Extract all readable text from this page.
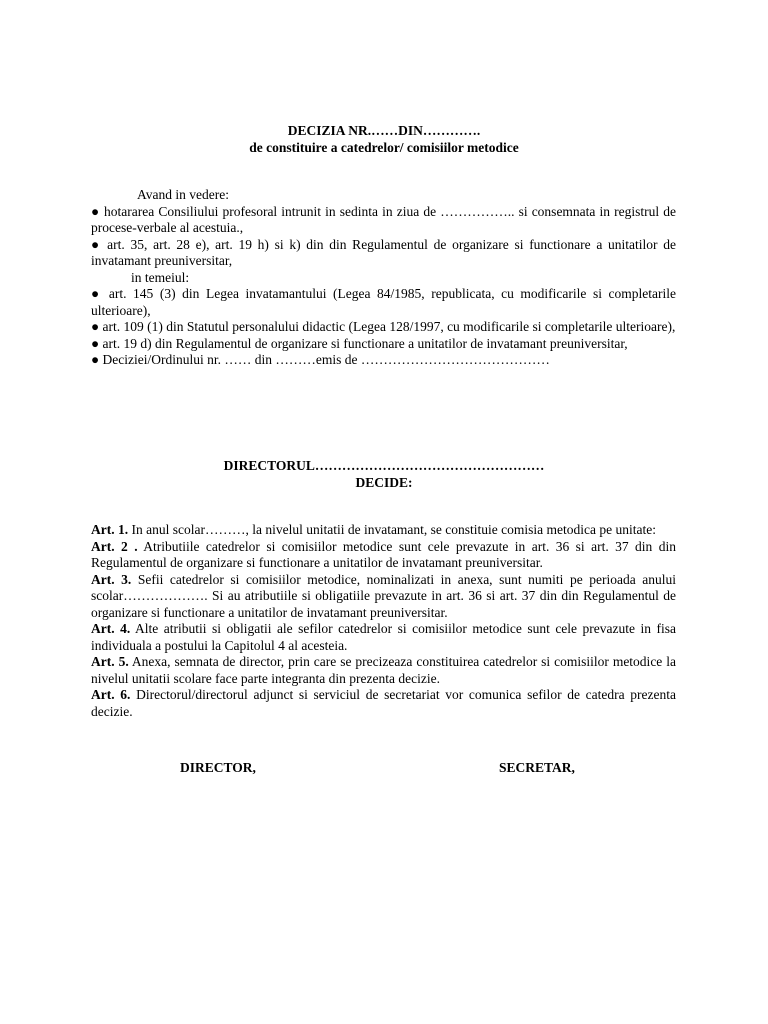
DECIZIA NR.……DIN………….
de constituire a catedrelor/ comisiilor metodice

Avand in vedere:

● hotararea Consiliului profesoral intrunit in sedinta in ziua de …………….. si consemnata in registrul de procese-verbale al acestuia.,

● art. 35, art. 28 e), art. 19 h) si k) din din Regulamentul de organizare si functionare a unitatilor de invatamant preuniversitar,

in temeiul:

● art. 145 (3) din Legea invatamantului (Legea 84/1985, republicata, cu modificarile si completarile ulterioare),

● art. 109 (1) din Statutul personalului didactic (Legea 128/1997, cu modificarile si completarile ulterioare),

● art. 19 d) din Regulamentul de organizare si functionare a unitatilor de invatamant preuniversitar,

● Deciziei/Ordinului nr. …… din ………emis de ……………………………………

DIRECTORUL……………………………………………
DECIDE:

Art. 1. In anul scolar………, la nivelul unitatii de invatamant, se constituie comisia metodica pe unitate:

Art. 2 . Atributiile catedrelor si comisiilor metodice sunt cele prevazute in art. 36 si art. 37 din din Regulamentul de organizare si functionare a unitatilor de invatamant preuniversitar.

Art. 3. Sefii catedrelor si comisiilor metodice, nominalizati in anexa, sunt numiti pe perioada anului scolar………………. Si au atributiile si obligatiile prevazute in art. 36 si art. 37 din din Regulamentul de organizare si functionare a unitatilor de invatamant preuniversitar.

Art. 4. Alte atributii si obligatii ale sefilor catedrelor si comisiilor metodice sunt cele prevazute in fisa individuala a postului la Capitolul 4 al acesteia.

Art. 5. Anexa, semnata de director, prin care se precizeaza constituirea catedrelor si comisiilor metodice la nivelul unitatii scolare face parte integranta din prezenta decizie.

Art. 6. Directorul/directorul adjunct si serviciul de secretariat vor comunica sefilor de catedra prezenta decizie.

DIRECTOR,	SECRETAR,
